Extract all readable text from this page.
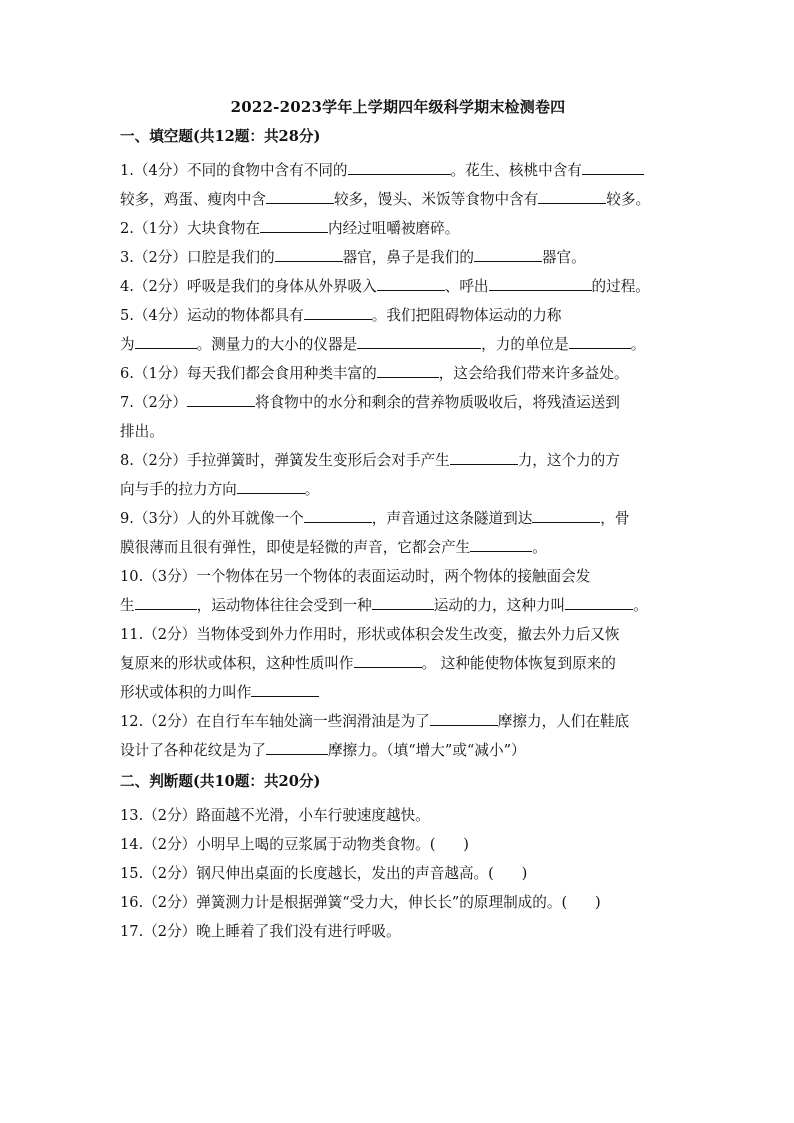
2022-2023学年上学期四年级科学期末检测卷四
一、填空题(共12题：共28分)

1.（4分）不同的食物中含有不同的	。花生、核桃中含有
较多，鸡蛋、瘦肉中含	较多，馒头、米饭等食物中含有	较多。

2.（1分）大块食物在	内经过咀嚼被磨碎。

3.（2分）口腔是我们的	器官，鼻子是我们的	器官。

4.（2分）呼吸是我们的身体从外界吸入	、呼出	的过程。

5.（4分）运动的物体都具有	。我们把阻碍物体运动的力称
为	。测量力的大小的仪器是	，力的单位是	。

6.（1分）每天我们都会食用种类丰富的	，这会给我们带来许多益处。

7.（2分）	将食物中的水分和剩余的营养物质吸收后，将残渣运送到
排出。

8.（2分）手拉弹簧时，弹簧发生变形后会对手产生	力，这个力的方
向与手的拉力方向	。

9.（3分）人的外耳就像一个	，声音通过这条隧道到达	，骨
膜很薄而且很有弹性，即使是轻微的声音，它都会产生	。

10.（3分）一个物体在另一个物体的表面运动时，两个物体的接触面会发
生	，运动物体往往会受到一种	运动的力，这种力叫	。

11.（2分）当物体受到外力作用时，形状或体积会发生改变，撤去外力后又恢
复原来的形状或体积，这种性质叫作	。 这种能使物体恢复到原来的
形状或体积的力叫作

12.（2分）在自行车车轴处滴一些润滑油是为了	摩擦力，人们在鞋底
设计了各种花纹是为了	摩擦力。（填“增大”或“减小”）

二、判断题(共10题：共20分)

13.（2分）路面越不光滑，小车行驶速度越快。

14.（2分）小明早上喝的豆浆属于动物类食物。(      )

15.（2分）钢尺伸出桌面的长度越长，发出的声音越高。(      )

16.（2分）弹簧测力计是根据弹簧“受力大，伸长长”的原理制成的。(      )

17.（2分）晚上睡着了我们没有进行呼吸。
